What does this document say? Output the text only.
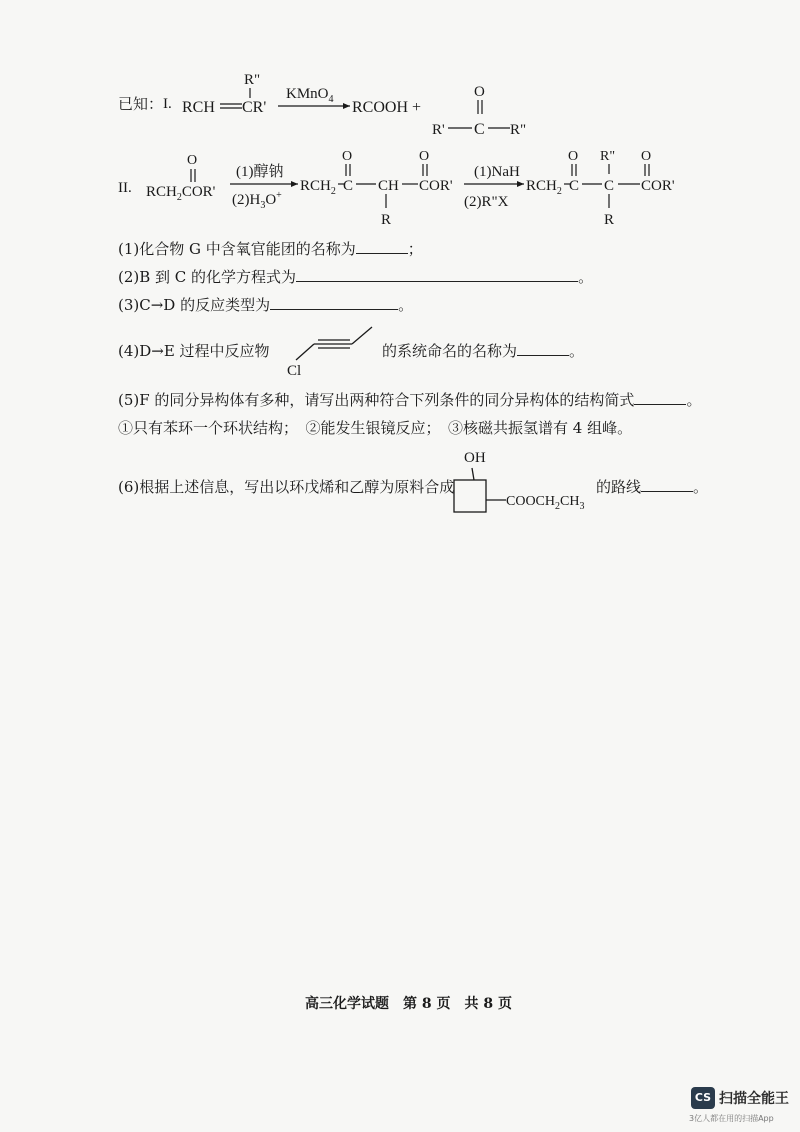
已知： I. RCH CR'
R"
KMnO$_4$ RCOOH +
R' C
O
R"
II. $RCH_2COR'$
O
(1)醇钠
$(2)H_3O^+$
$RCH_2$
O
C CH
R
COR'
O
(1)NaH
(2)R"X
$RCH_2$
O
C C
R"
R
COR'
O
(1)化合物 G 中含氧官能团的名称为	；
(2)B 到 C 的化学方程式为	。
(3)C→D 的反应类型为	。
(4)D→E 过程中反应物
Cl
的系统命名的名称为	。
(5)F 的同分异构体有多种，请写出两种符合下列条件的同分异构体的结构简式	。
①只有苯环一个环状结构；　②能发生银镜反应；　③核磁共振氢谱有 4 组峰。
(6)根据上述信息，写出以环戊烯和乙醇为原料合成
OH
$COOCH_2CH_3$
的路线	。
高三化学试题　第 8 页　共 8 页
CS 扫描全能王
3亿人都在用的扫描App
